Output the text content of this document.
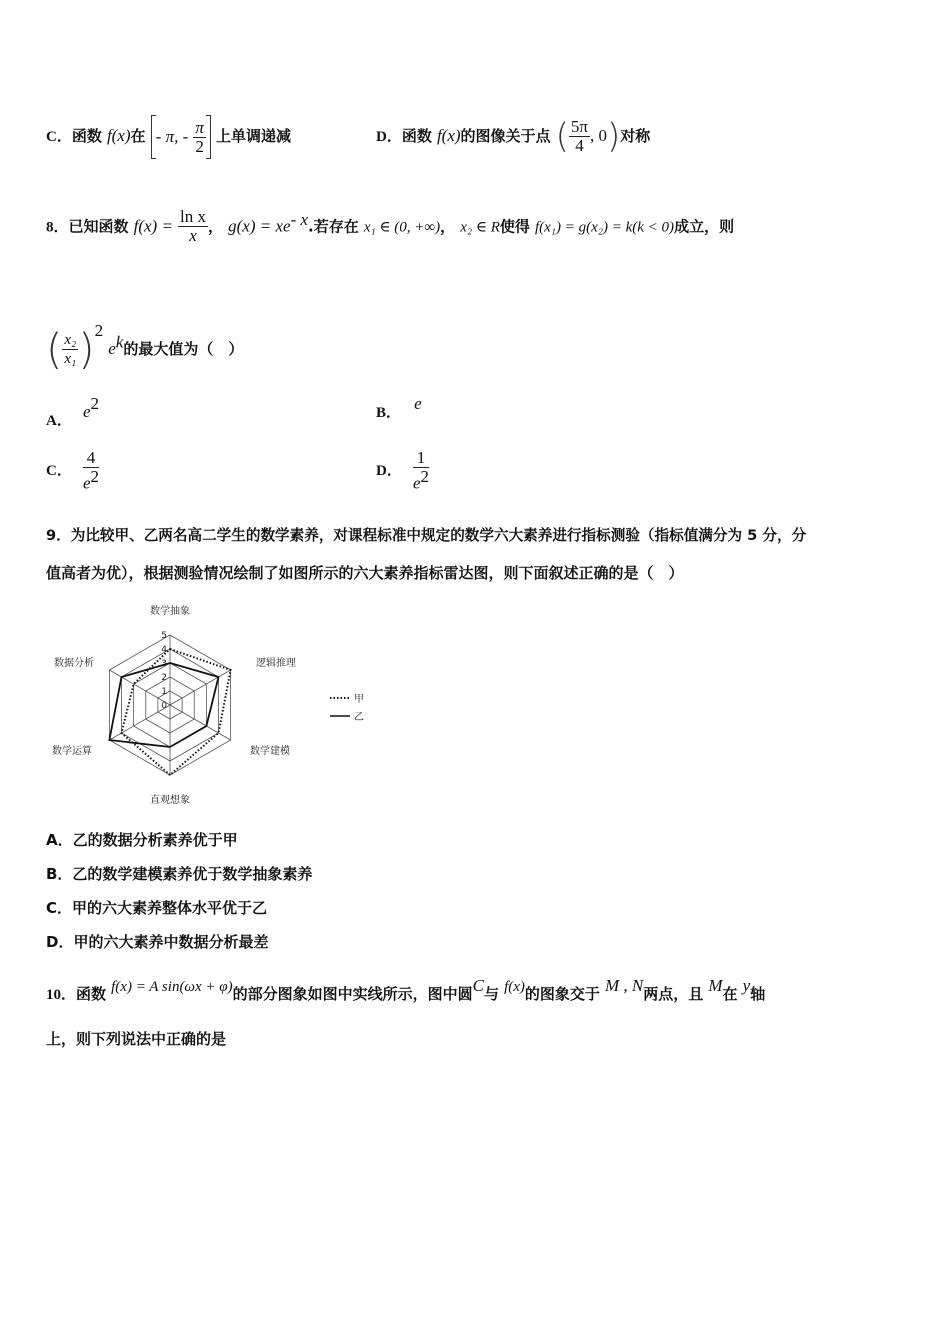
C．函数 f(x)在 - π, - $\frac{\pi}{2}$ 上单调递减	D．函数 f(x)的图像关于点 ( $\frac{5\pi}{4}$ , 0)对称
8．已知函数 $f(x) = \frac{\text{ln x}}{x}$ ， $g(x) = xe^{- x}$.若存在 x₁ ∈ (0, +∞)， x₂ ∈ R使得 f(x₁) = g(x₂) = k(k < 0)成立，则
( $\frac{\text{x₂}}{\text{x₁}} )^2$ $e^k$的最大值为（　）
A． $e^2$	B． e
C． $\frac{4}{e^2}$	D． $\frac{1}{e^2}$
9．为比较甲、乙两名高二学生的数学素养，对课程标准中规定的数学六大素养进行指标测验（指标值满分为 5 分，分
值高者为优），根据测验情况绘制了如图所示的六大素养指标雷达图，则下面叙述正确的是（　）
数学抽象
逻辑推理
数学建模
直观想象
数学运算
数据分析
0
1
2
3
4
5
甲
乙
A．乙的数据分析素养优于甲
B．乙的数学建模素养优于数学抽象素养
C．甲的六大素养整体水平优于乙
D．甲的六大素养中数据分析最差
10．函数 f(x) = A sin(ωx + φ)的部分图象如图中实线所示，图中圆C与 f(x)的图象交于 M , N两点，且 M在 y轴
上，则下列说法中正确的是
